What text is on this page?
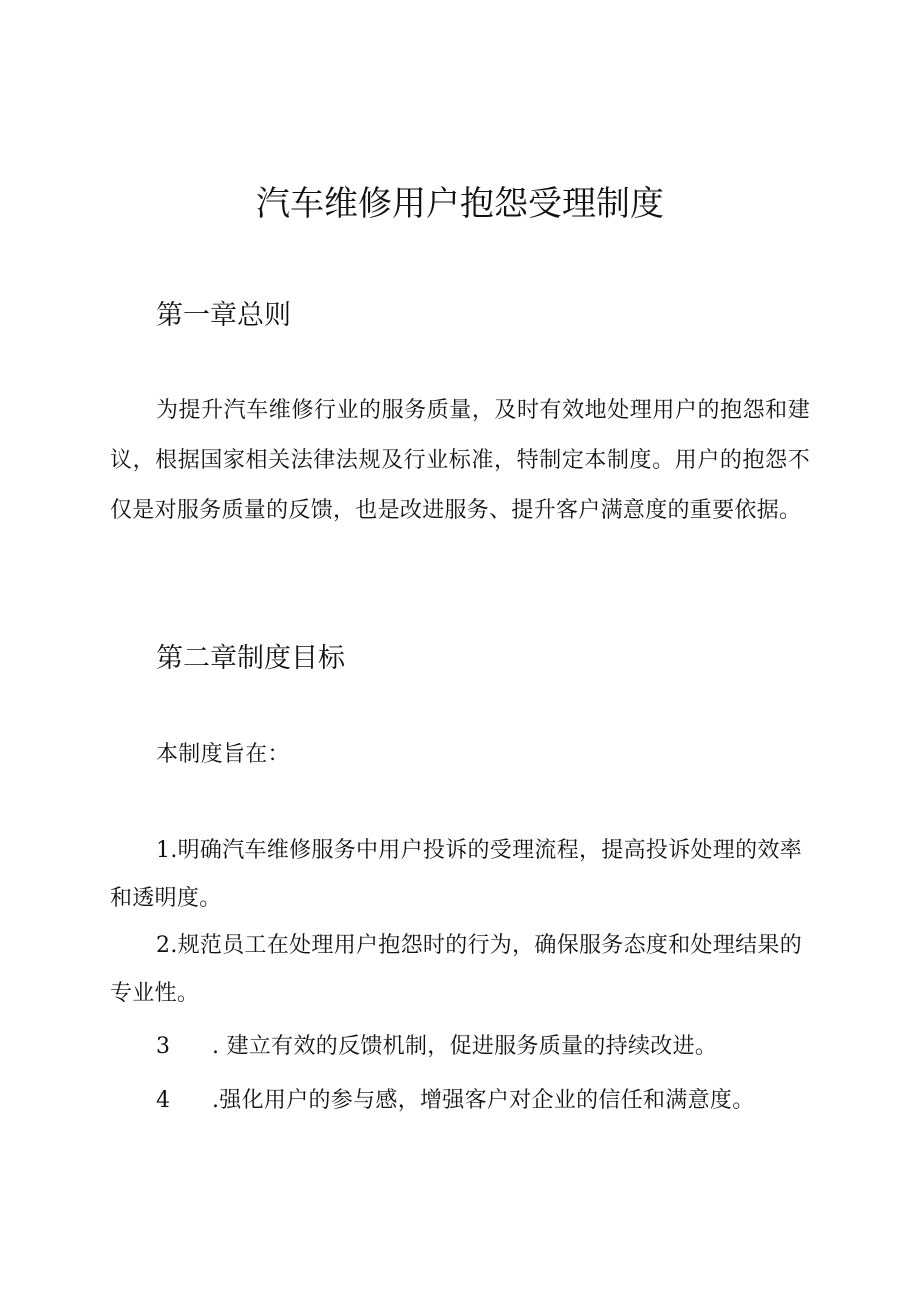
汽车维修用户抱怨受理制度
第一章总则

为提升汽车维修行业的服务质量，及时有效地处理用户的抱怨和建议，根据国家相关法律法规及行业标准，特制定本制度。用户的抱怨不仅是对服务质量的反馈，也是改进服务、提升客户满意度的重要依据。

第二章制度目标

本制度旨在：

1.明确汽车维修服务中用户投诉的受理流程，提高投诉处理的效率和透明度。

2.规范员工在处理用户抱怨时的行为，确保服务态度和处理结果的专业性。

3 . 建立有效的反馈机制，促进服务质量的持续改进。

4 .强化用户的参与感，增强客户对企业的信任和满意度。
